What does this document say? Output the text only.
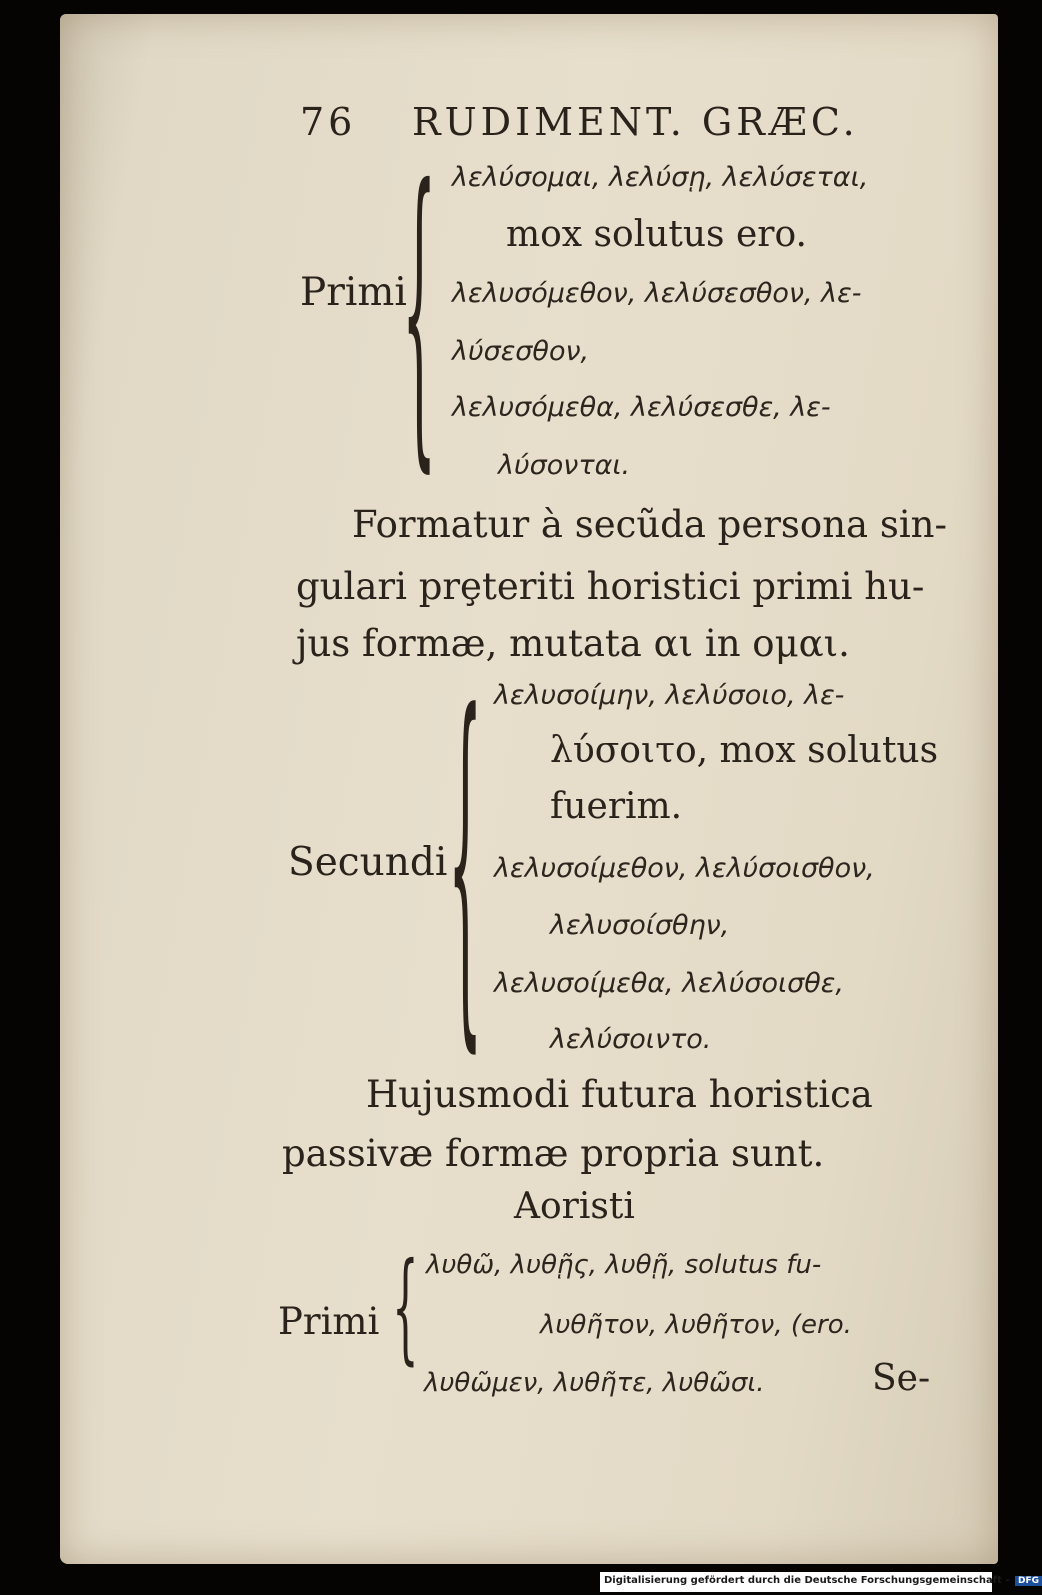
76 RUDIMENT. GRÆC.
{
Primi
λελύσομαι, λελύσῃ, λελύσεται,
mox solutus ero.
λελυσόμεθον, λελύσεσθον, λε-
λύσεσθον,
λελυσόμεθα, λελύσεσθε, λε-
λύσονται.
Formatur à secũda persona sin-
gulari prȩteriti horistici primi hu-
jus formæ, mutata αι in ομαι.
{
Secundi
λελυσοίμην, λελύσοιο, λε-
λύσοιτο, mox solutus
fuerim.
λελυσοίμεθον, λελύσοισθον,
λελυσοίσθην,
λελυσοίμεθα, λελύσοισθε,
λελύσοιντο.
Hujusmodi futura horistica
passivæ formæ propria sunt.
Aoristi
{
Primi
λυθῶ, λυθῇς, λυθῇ, solutus fu-
λυθῆτον, λυθῆτον, (ero.
λυθῶμεν, λυθῆτε, λυθῶσι.	Se-
Digitalisierung gefördert durch die Deutsche Forschungsgemeinschaft - DFG
